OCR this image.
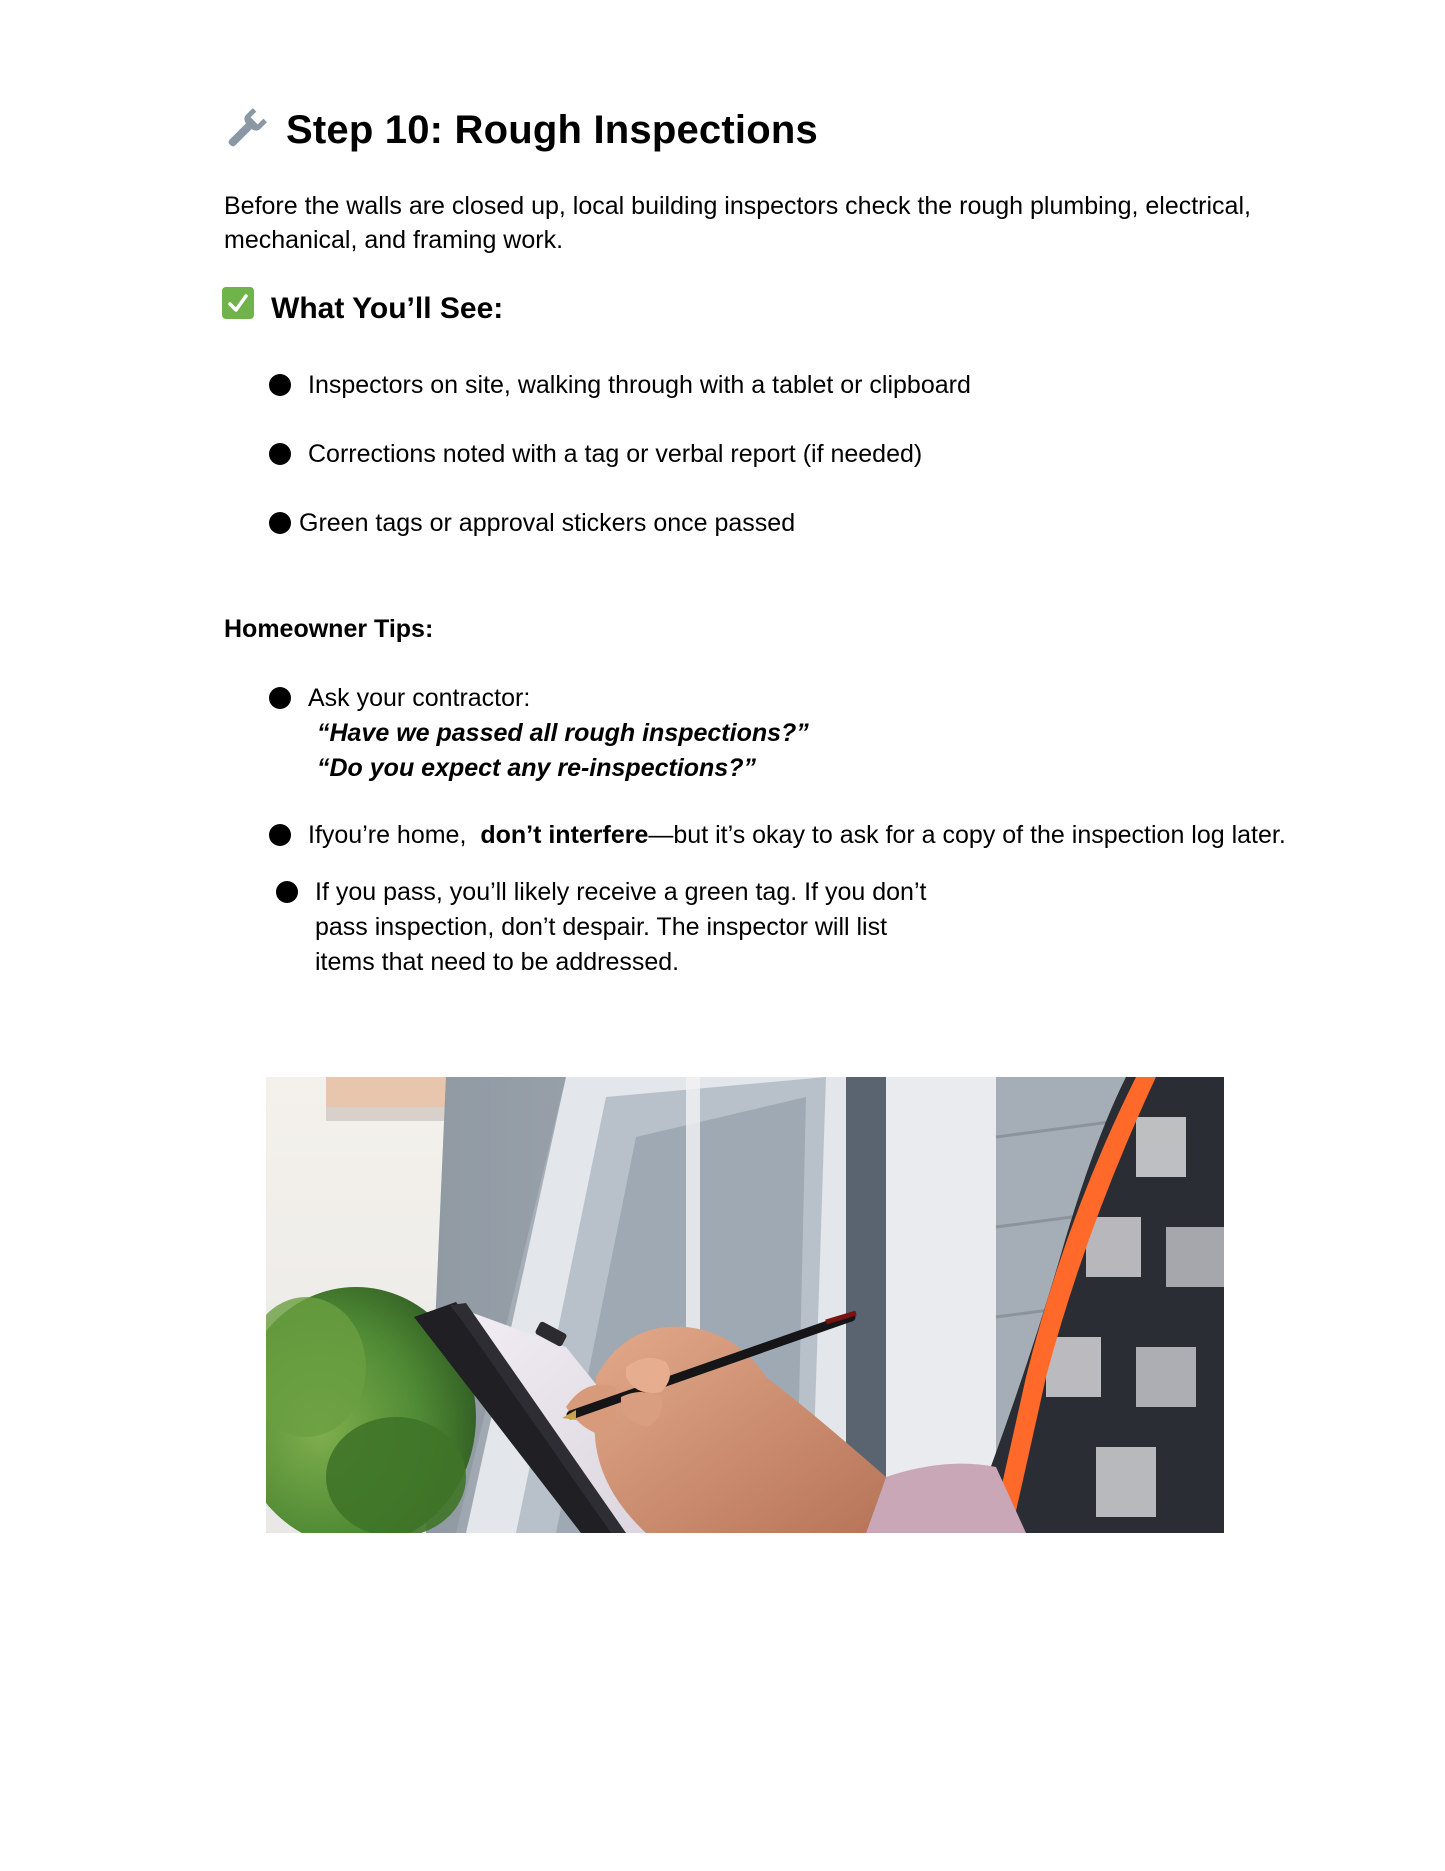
Step 10: Rough Inspections
Before the walls are closed up, local building inspectors check the rough plumbing, electrical, mechanical, and framing work.
What You’ll See:
Inspectors on site, walking through with a tablet or clipboard
Corrections noted with a tag or verbal report (if needed)
Green tags or approval stickers once passed
Homeowner Tips:
Ask your contractor:
“Have we passed all rough inspections?”
“Do you expect any re-inspections?”
Ifyou’re home, don’t interfere—but it’s okay to ask for a copy of the inspection log later.
If you pass, you’ll likely receive a green tag. If you don’t
pass inspection, don’t despair. The inspector will list
items that need to be addressed.
